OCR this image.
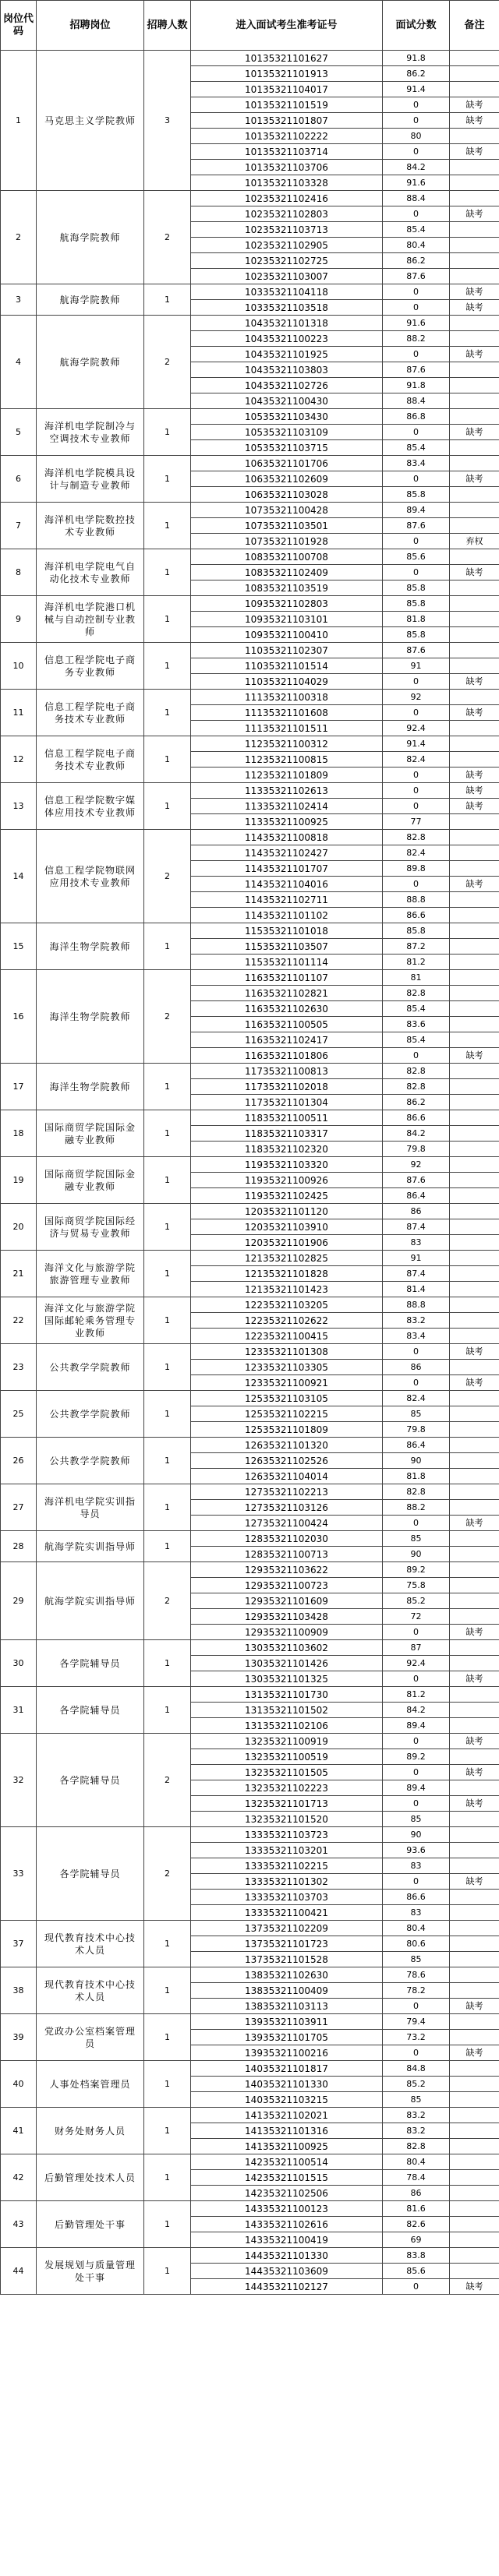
岗位代码	招聘岗位	招聘人数	进入面试考生准考证号	面试分数	备注
1	马克思主义学院教师	3	10135321101627	91.8	
			10135321101913	86.2	
			10135321104017	91.4	
			10135321101519	0	缺考
			10135321101807	0	缺考
			10135321102222	80	
			10135321103714	0	缺考
			10135321103706	84.2	
			10135321103328	91.6	
2	航海学院教师	2	10235321102416	88.4	
			10235321102803	0	缺考
			10235321103713	85.4	
			10235321102905	80.4	
			10235321102725	86.2	
			10235321103007	87.6	
3	航海学院教师	1	10335321104118	0	缺考
			10335321103518	0	缺考
4	航海学院教师	2	10435321101318	91.6	
			10435321100223	88.2	
			10435321101925	0	缺考
			10435321103803	87.6	
			10435321102726	91.8	
			10435321100430	88.4	
5	海洋机电学院制冷与空调技术专业教师	1	10535321103430	86.8	
			10535321103109	0	缺考
			10535321103715	85.4	
6	海洋机电学院模具设计与制造专业教师	1	10635321101706	83.4	
			10635321102609	0	缺考
			10635321103028	85.8	
7	海洋机电学院数控技术专业教师	1	10735321100428	89.4	
			10735321103501	87.6	
			10735321101928	0	弃权
8	海洋机电学院电气自动化技术专业教师	1	10835321100708	85.6	
			10835321102409	0	缺考
			10835321103519	85.8	
9	海洋机电学院港口机械与自动控制专业教师	1	10935321102803	85.8	
			10935321103101	81.8	
			10935321100410	85.8	
10	信息工程学院电子商务专业教师	1	11035321102307	87.6	
			11035321101514	91	
			11035321104029	0	缺考
11	信息工程学院电子商务技术专业教师	1	11135321100318	92	
			11135321101608	0	缺考
			11135321101511	92.4	
12	信息工程学院电子商务技术专业教师	1	11235321100312	91.4	
			11235321100815	82.4	
			11235321101809	0	缺考
13	信息工程学院数字媒体应用技术专业教师	1	11335321102613	0	缺考
			11335321102414	0	缺考
			11335321100925	77	
14	信息工程学院物联网应用技术专业教师	2	11435321100818	82.8	
			11435321102427	82.4	
			11435321101707	89.8	
			11435321104016	0	缺考
			11435321102711	88.8	
			11435321101102	86.6	
15	海洋生物学院教师	1	11535321101018	85.8	
			11535321103507	87.2	
			11535321101114	81.2	
16	海洋生物学院教师	2	11635321101107	81	
			11635321102821	82.8	
			11635321102630	85.4	
			11635321100505	83.6	
			11635321102417	85.4	
			11635321101806	0	缺考
17	海洋生物学院教师	1	11735321100813	82.8	
			11735321102018	82.8	
			11735321101304	86.2	
18	国际商贸学院国际金融专业教师	1	11835321100511	86.6	
			11835321103317	84.2	
			11835321102320	79.8	
19	国际商贸学院国际金融专业教师	1	11935321103320	92	
			11935321100926	87.6	
			11935321102425	86.4	
20	国际商贸学院国际经济与贸易专业教师	1	12035321101120	86	
			12035321103910	87.4	
			12035321101906	83	
21	海洋文化与旅游学院旅游管理专业教师	1	12135321102825	91	
			12135321101828	87.4	
			12135321101423	81.4	
22	海洋文化与旅游学院国际邮轮乘务管理专业教师	1	12235321103205	88.8	
			12235321102622	83.2	
			12235321100415	83.4	
23	公共教学学院教师	1	12335321101308	0	缺考
			12335321103305	86	
			12335321100921	0	缺考
25	公共教学学院教师	1	12535321103105	82.4	
			12535321102215	85	
			12535321101809	79.8	
26	公共教学学院教师	1	12635321101320	86.4	
			12635321102526	90	
			12635321104014	81.8	
27	海洋机电学院实训指导员	1	12735321102213	82.8	
			12735321103126	88.2	
			12735321100424	0	缺考
28	航海学院实训指导师	1	12835321102030	85	
			12835321100713	90	
29	航海学院实训指导师	2	12935321103622	89.2	
			12935321100723	75.8	
			12935321101609	85.2	
			12935321103428	72	
			12935321100909	0	缺考
30	各学院辅导员	1	13035321103602	87	
			13035321101426	92.4	
			13035321101325	0	缺考
31	各学院辅导员	1	13135321101730	81.2	
			13135321101502	84.2	
			13135321102106	89.4	
32	各学院辅导员	2	13235321100919	0	缺考
			13235321100519	89.2	
			13235321101505	0	缺考
			13235321102223	89.4	
			13235321101713	0	缺考
			13235321101520	85	
33	各学院辅导员	2	13335321103723	90	
			13335321103201	93.6	
			13335321102215	83	
			13335321101302	0	缺考
			13335321103703	86.6	
			13335321100421	83	
37	现代教育技术中心技术人员	1	13735321102209	80.4	
			13735321101723	80.6	
			13735321101528	85	
38	现代教育技术中心技术人员	1	13835321102630	78.6	
			13835321100409	78.2	
			13835321103113	0	缺考
39	党政办公室档案管理员	1	13935321103911	79.4	
			13935321101705	73.2	
			13935321100216	0	缺考
40	人事处档案管理员	1	14035321101817	84.8	
			14035321101330	85.2	
			14035321103215	85	
41	财务处财务人员	1	14135321102021	83.2	
			14135321101316	83.2	
			14135321100925	82.8	
42	后勤管理处技术人员	1	14235321100514	80.4	
			14235321101515	78.4	
			14235321102506	86	
43	后勤管理处干事	1	14335321100123	81.6	
			14335321102616	82.6	
			14335321100419	69	
44	发展规划与质量管理处干事	1	14435321101330	83.8	
			14435321103609	85.6	
			14435321102127	0	缺考
